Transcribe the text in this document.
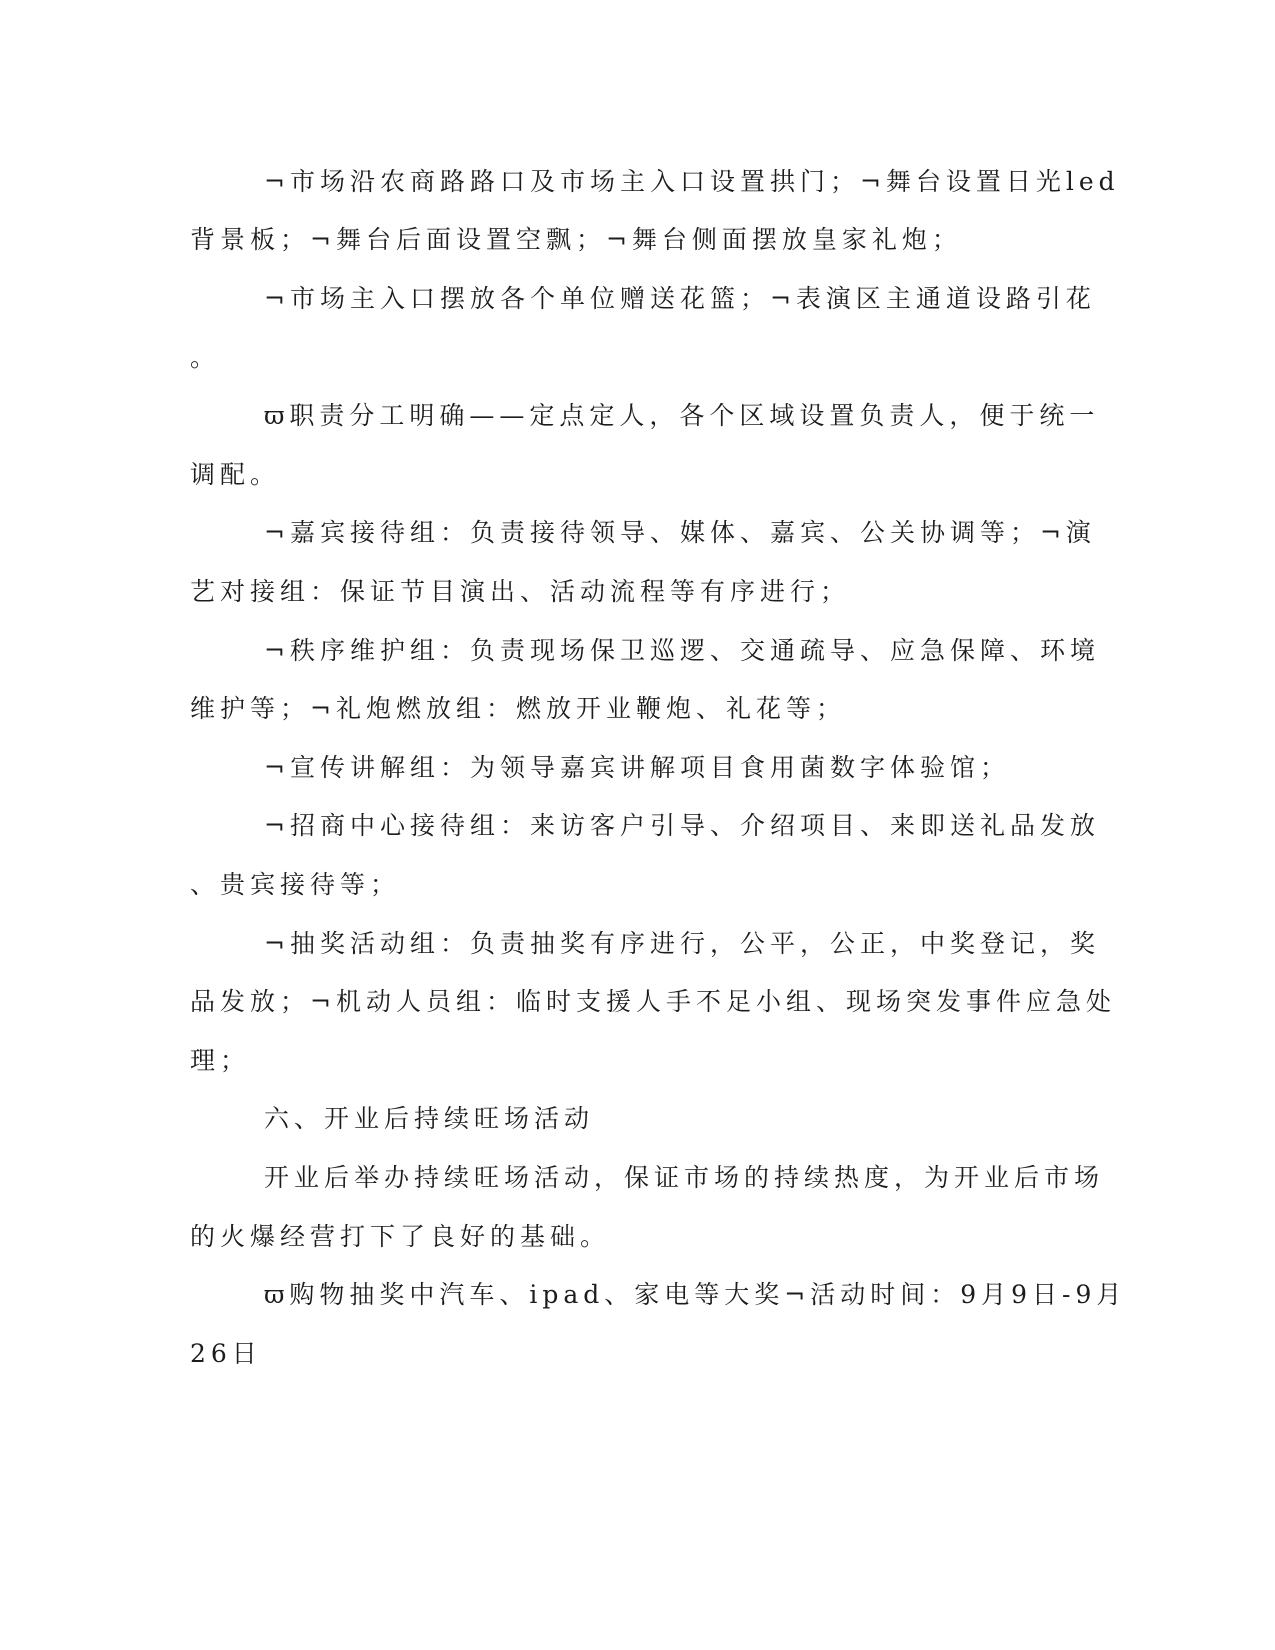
¬市场沿农商路路口及市场主入口设置拱门；¬舞台设置日光led
背景板；¬舞台后面设置空飘；¬舞台侧面摆放皇家礼炮；
¬市场主入口摆放各个单位赠送花篮；¬表演区主通道设路引花
。
ϖ职责分工明确——定点定人，各个区域设置负责人，便于统一
调配。
¬嘉宾接待组：负责接待领导、媒体、嘉宾、公关协调等；¬演
艺对接组：保证节目演出、活动流程等有序进行；
¬秩序维护组：负责现场保卫巡逻、交通疏导、应急保障、环境
维护等；¬礼炮燃放组：燃放开业鞭炮、礼花等；
¬宣传讲解组：为领导嘉宾讲解项目食用菌数字体验馆；
¬招商中心接待组：来访客户引导、介绍项目、来即送礼品发放
、贵宾接待等；
¬抽奖活动组：负责抽奖有序进行，公平，公正，中奖登记，奖
品发放；¬机动人员组：临时支援人手不足小组、现场突发事件应急处
理；
六、开业后持续旺场活动
开业后举办持续旺场活动，保证市场的持续热度，为开业后市场
的火爆经营打下了良好的基础。
ϖ购物抽奖中汽车、ipad、家电等大奖¬活动时间：9月9日-9月
26日
